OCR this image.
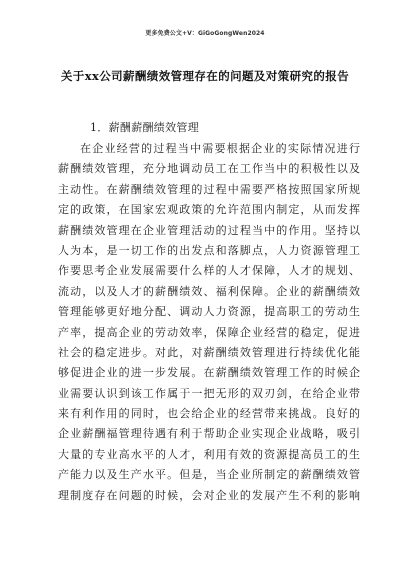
更多免费公文+V：GiGoGongWen2024
关于xx公司薪酬绩效管理存在的问题及对策研究的报告
1．薪酬薪酬绩效管理
在企业经营的过程当中需要根据企业的实际情况进行
薪酬绩效管理，充分地调动员工在工作当中的积极性以及
主动性。在薪酬绩效管理的过程中需要严格按照国家所规
定的政策，在国家宏观政策的允许范围内制定，从而发挥
薪酬绩效管理在企业管理活动的过程当中的作用。坚持以
人为本，是一切工作的出发点和落脚点，人力资源管理工
作要思考企业发展需要什么样的人才保障，人才的规划、
流动，以及人才的薪酬绩效、福利保障。企业的薪酬绩效
管理能够更好地分配、调动人力资源，提高职工的劳动生
产率，提高企业的劳动效率，保障企业经营的稳定，促进
社会的稳定进步。对此，对薪酬绩效管理进行持续优化能
够促进企业的进一步发展。在薪酬绩效管理工作的时候企
业需要认识到该工作属于一把无形的双刃剑，在给企业带
来有利作用的同时，也会给企业的经营带来挑战。良好的
企业薪酬福管理待遇有利于帮助企业实现企业战略，吸引
大量的专业高水平的人才，利用有效的资源提高员工的生
产能力以及生产水平。但是，当企业所制定的薪酬绩效管
理制度存在问题的时候，会对企业的发展产生不利的影响
